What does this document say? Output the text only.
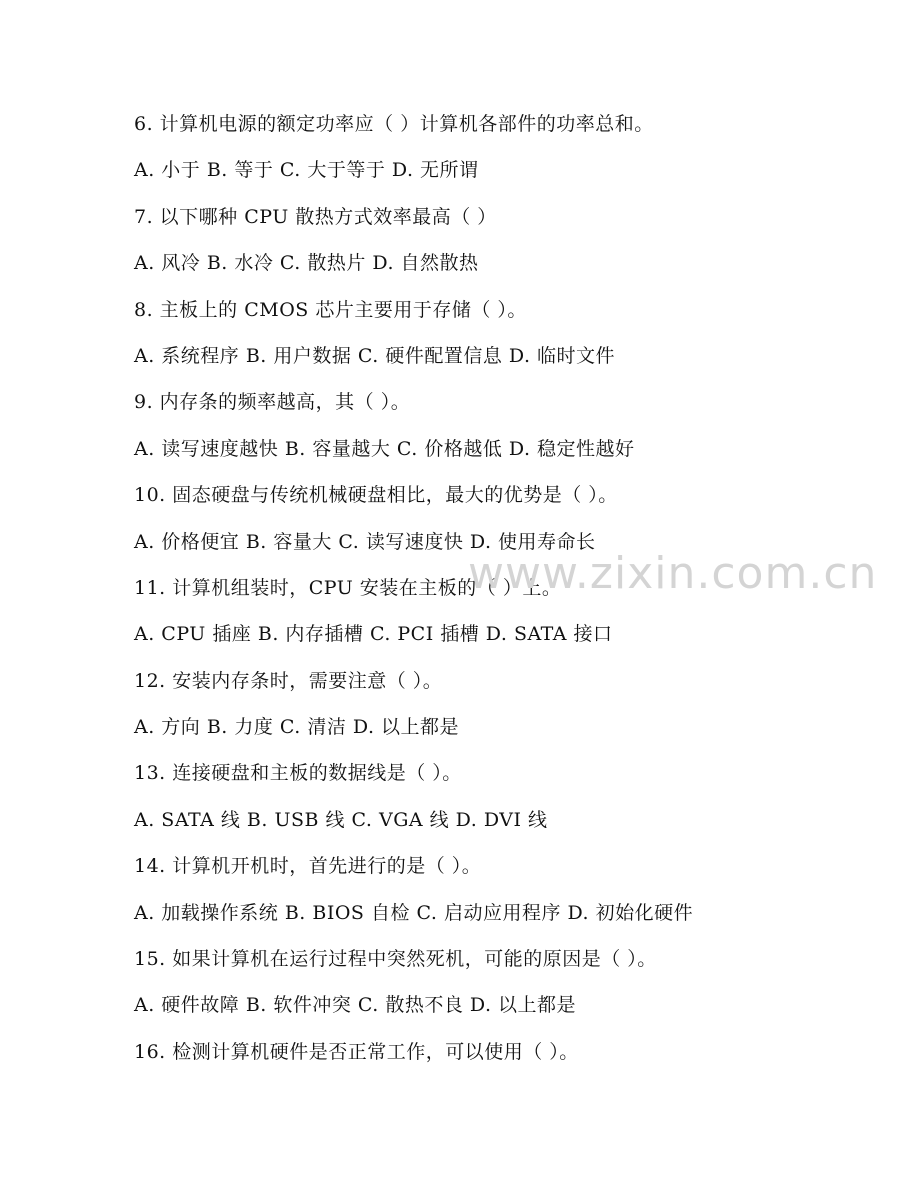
6. 计算机电源的额定功率应（ ）计算机各部件的功率总和。
A. 小于 B. 等于 C. 大于等于 D. 无所谓
7. 以下哪种 CPU 散热方式效率最高（ ）
A. 风冷 B. 水冷 C. 散热片 D. 自然散热
8. 主板上的 CMOS 芯片主要用于存储（ ）。
A. 系统程序 B. 用户数据 C. 硬件配置信息 D. 临时文件
9. 内存条的频率越高，其（ ）。
A. 读写速度越快 B. 容量越大 C. 价格越低 D. 稳定性越好
10. 固态硬盘与传统机械硬盘相比，最大的优势是（ ）。
A. 价格便宜 B. 容量大 C. 读写速度快 D. 使用寿命长
11. 计算机组装时，CPU 安装在主板的（ ）上。
A. CPU 插座 B. 内存插槽 C. PCI 插槽 D. SATA 接口
12. 安装内存条时，需要注意（ ）。
A. 方向 B. 力度 C. 清洁 D. 以上都是
13. 连接硬盘和主板的数据线是（ ）。
A. SATA 线 B. USB 线 C. VGA 线 D. DVI 线
14. 计算机开机时，首先进行的是（ ）。
A. 加载操作系统 B. BIOS 自检 C. 启动应用程序 D. 初始化硬件
15. 如果计算机在运行过程中突然死机，可能的原因是（ ）。
A. 硬件故障 B. 软件冲突 C. 散热不良 D. 以上都是
16. 检测计算机硬件是否正常工作，可以使用（ ）。
www.zixin.com.cn
